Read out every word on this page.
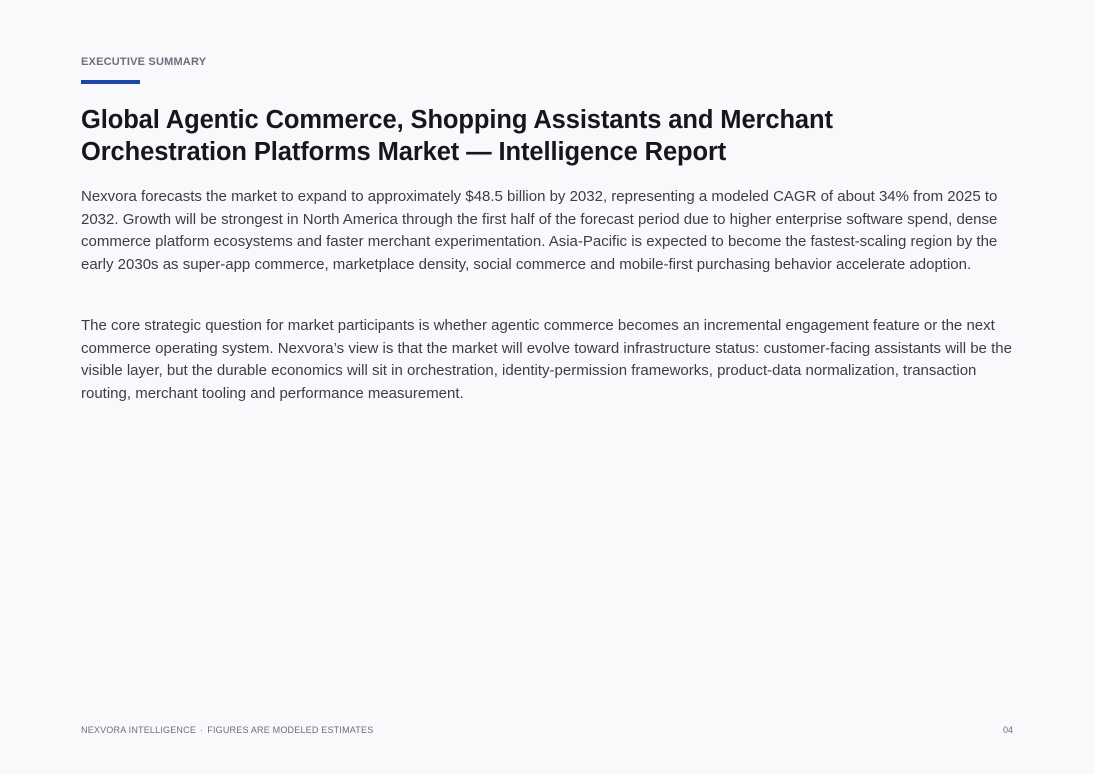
EXECUTIVE SUMMARY
Global Agentic Commerce, Shopping Assistants and Merchant Orchestration Platforms Market — Intelligence Report

Nexvora forecasts the market to expand to approximately $48.5 billion by 2032, representing a modeled CAGR of about 34% from 2025 to 2032. Growth will be strongest in North America through the first half of the forecast period due to higher enterprise software spend, dense commerce platform ecosystems and faster merchant experimentation. Asia-Pacific is expected to become the fastest-scaling region by the early 2030s as super-app commerce, marketplace density, social commerce and mobile-first purchasing behavior accelerate adoption.

The core strategic question for market participants is whether agentic commerce becomes an incremental engagement feature or the next commerce operating system. Nexvora’s view is that the market will evolve toward infrastructure status: customer-facing assistants will be the visible layer, but the durable economics will sit in orchestration, identity-permission frameworks, product-data normalization, transaction routing, merchant tooling and performance measurement.

NEXVORA INTELLIGENCE · FIGURES ARE MODELED ESTIMATES	04
